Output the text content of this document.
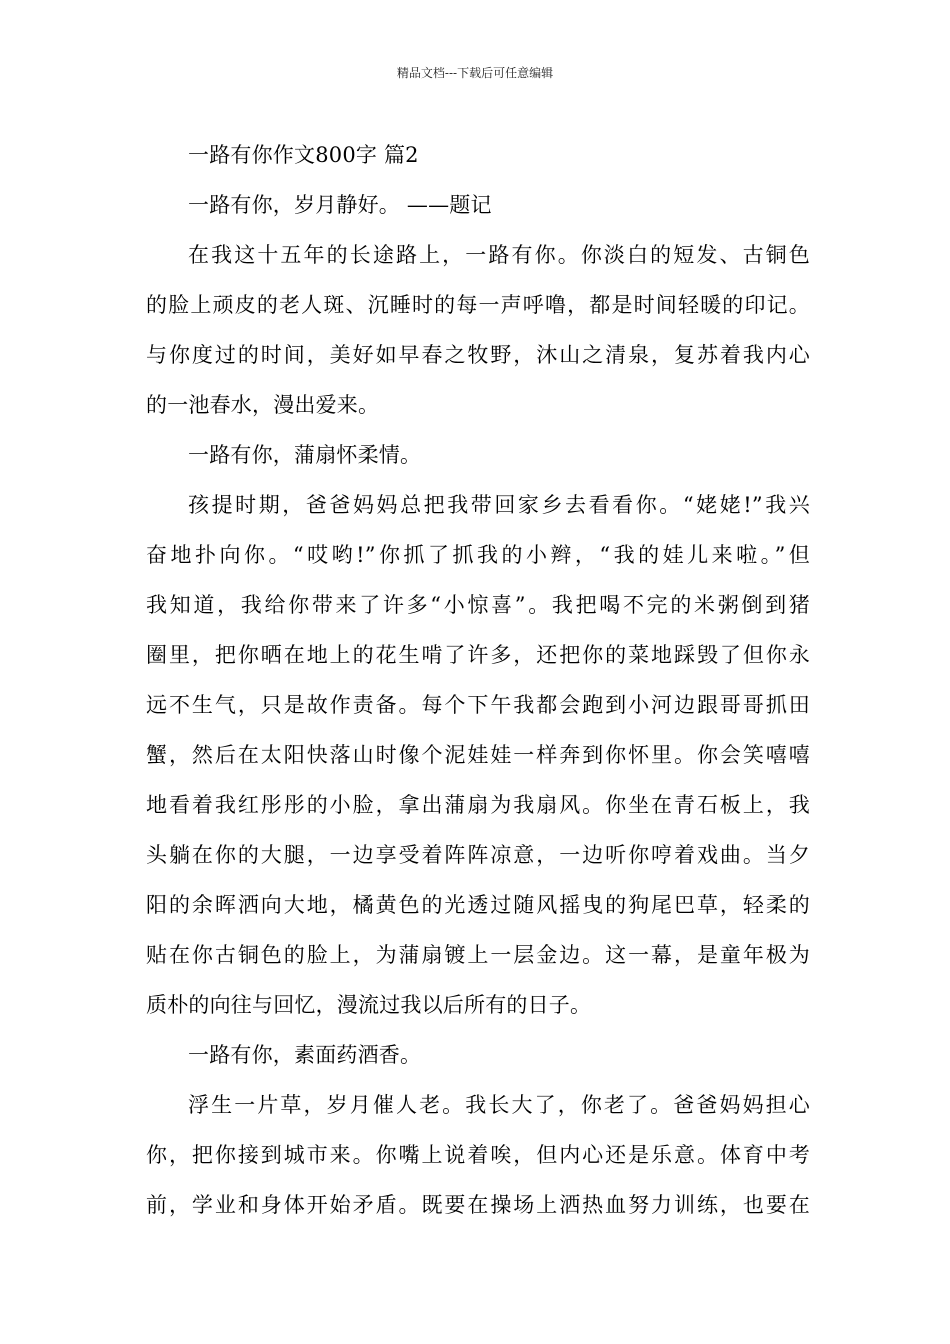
精品文档---下载后可任意编辑
一路有你作文800字 篇2
一路有你，岁月静好。 ——题记
在我这十五年的长途路上，一路有你。你淡白的短发、古铜色
的脸上顽皮的老人斑、沉睡时的每一声呼噜，都是时间轻暖的印记。
与你度过的时间，美好如早春之牧野，沐山之清泉，复苏着我内心
的一池春水，漫出爱来。
一路有你，蒲扇怀柔情。
孩提时期，爸爸妈妈总把我带回家乡去看看你。“姥姥!”我兴
奋地扑向你。“哎哟!”你抓了抓我的小辫，“我的娃儿来啦。”但
我知道，我给你带来了许多“小惊喜”。我把喝不完的米粥倒到猪
圈里，把你晒在地上的花生啃了许多，还把你的菜地踩毁了但你永
远不生气，只是故作责备。每个下午我都会跑到小河边跟哥哥抓田
蟹，然后在太阳快落山时像个泥娃娃一样奔到你怀里。你会笑嘻嘻
地看着我红彤彤的小脸，拿出蒲扇为我扇风。你坐在青石板上，我
头躺在你的大腿，一边享受着阵阵凉意，一边听你哼着戏曲。当夕
阳的余晖洒向大地，橘黄色的光透过随风摇曳的狗尾巴草，轻柔的
贴在你古铜色的脸上，为蒲扇镀上一层金边。这一幕，是童年极为
质朴的向往与回忆，漫流过我以后所有的日子。
一路有你，素面药酒香。
浮生一片草，岁月催人老。我长大了，你老了。爸爸妈妈担心
你，把你接到城市来。你嘴上说着唉，但内心还是乐意。体育中考
前，学业和身体开始矛盾。既要在操场上洒热血努力训练，也要在
